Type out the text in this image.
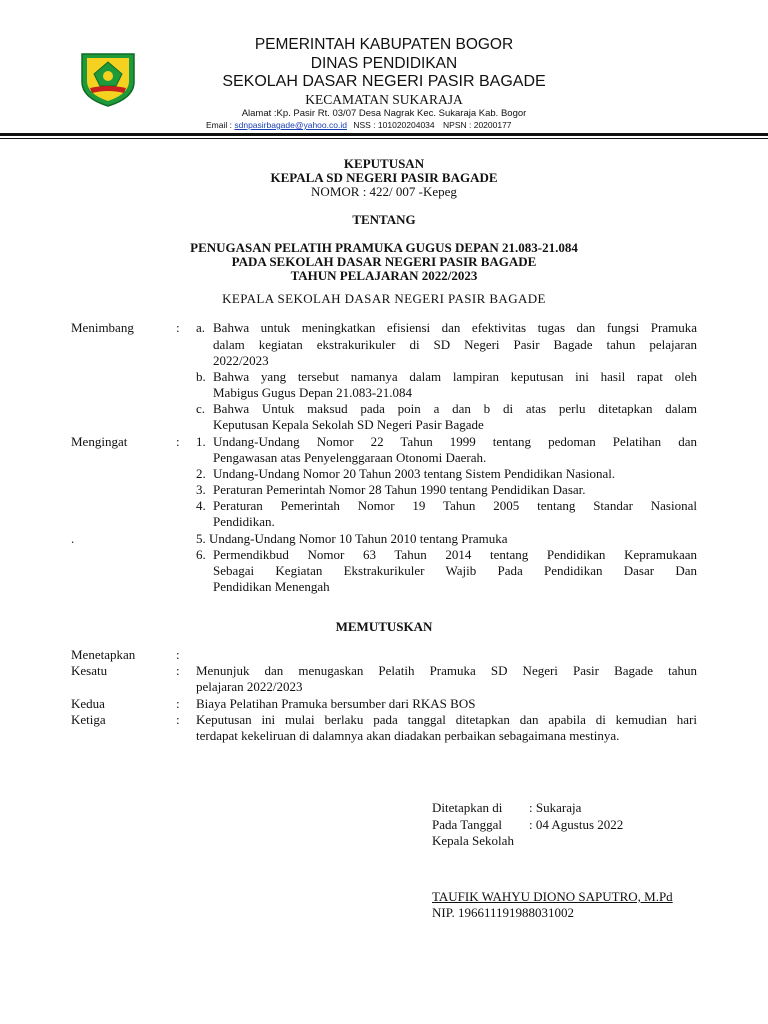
PEMERINTAH KABUPATEN BOGOR
DINAS PENDIDIKAN
SEKOLAH DASAR NEGERI PASIR BAGADE
KECAMATAN SUKARAJA
Alamat :Kp. Pasir Rt. 03/07 Desa Nagrak Kec. Sukaraja Kab. Bogor
Email : sdnpasirbagade@yahoo.co.id NSS : 101020204034 NPSN : 20200177
KEPUTUSAN
KEPALA SD NEGERI PASIR BAGADE
NOMOR : 422/ 007 -Kepeg
TENTANG
PENUGASAN PELATIH PRAMUKA GUGUS DEPAN 21.083-21.084
PADA SEKOLAH DASAR NEGERI PASIR BAGADE
TAHUN PELAJARAN 2022/2023
KEPALA SEKOLAH DASAR NEGERI PASIR BAGADE
Menimbang	: a. Bahwa untuk meningkatkan efisiensi dan efektivitas tugas dan fungsi Pramuka
dalam kegiatan ekstrakurikuler di SD Negeri Pasir Bagade tahun pelajaran
2022/2023
b. Bahwa yang tersebut namanya dalam lampiran keputusan ini hasil rapat oleh
Mabigus Gugus Depan 21.083-21.084
c. Bahwa Untuk maksud pada poin a dan b di atas perlu ditetapkan dalam
Keputusan Kepala Sekolah SD Negeri Pasir Bagade
Mengingat	: 1. Undang-Undang Nomor 22 Tahun 1999 tentang pedoman Pelatihan dan
Pengawasan atas Penyelenggaraan Otonomi Daerah.
2. Undang-Undang Nomor 20 Tahun 2003 tentang Sistem Pendidikan Nasional.
3. Peraturan Pemerintah Nomor 28 Tahun 1990 tentang Pendidikan Dasar.
4. Peraturan Pemerintah Nomor 19 Tahun 2005 tentang Standar Nasional
Pendidikan.
.	5. Undang-Undang Nomor 10 Tahun 2010 tentang Pramuka
6. Permendikbud Nomor 63 Tahun 2014 tentang Pendidikan Kepramukaan
Sebagai Kegiatan Ekstrakurikuler Wajib Pada Pendidikan Dasar Dan
Pendidikan Menengah
MEMUTUSKAN
Menetapkan	:
Kesatu	: Menunjuk dan menugaskan Pelatih Pramuka SD Negeri Pasir Bagade tahun
pelajaran 2022/2023
Kedua	: Biaya Pelatihan Pramuka bersumber dari RKAS BOS
Ketiga	: Keputusan ini mulai berlaku pada tanggal ditetapkan dan apabila di kemudian hari
terdapat kekeliruan di dalamnya akan diadakan perbaikan sebagaimana mestinya.
Ditetapkan di : Sukaraja
Pada Tanggal : 04 Agustus 2022
Kepala Sekolah
TAUFIK WAHYU DIONO SAPUTRO, M.Pd
NIP. 196611191988031002
